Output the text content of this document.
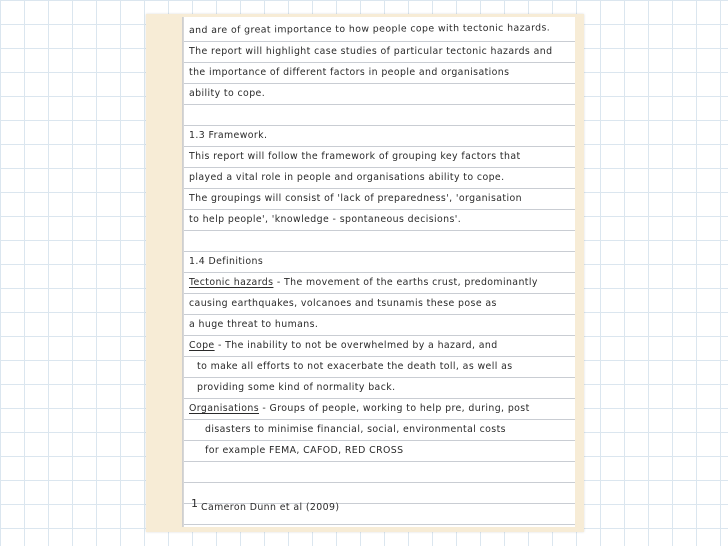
and are of great importance to how people cope with tectonic hazards.
The report will highlight case studies of particular tectonic hazards and
the importance of different factors in people and organisations
ability to cope.
1.3 Framework.
This report will follow the framework of grouping key factors that
played a vital role in people and organisations ability to cope.
The groupings will consist of 'lack of preparedness', 'organisation
to help people', 'knowledge - spontaneous decisions'.
1.4 Definitions
Tectonic hazards - The movement of the earths crust, predominantly
causing earthquakes, volcanoes and tsunamis these pose as
a huge threat to humans.
Cope - The inability to not be overwhelmed by a hazard, and
to make all efforts to not exacerbate the death toll, as well as
providing some kind of normality back.
Organisations - Groups of people, working to help pre, during, post
disasters to minimise financial, social, environmental costs
for example FEMA, CAFOD, RED CROSS
1 Cameron Dunn et al (2009)
